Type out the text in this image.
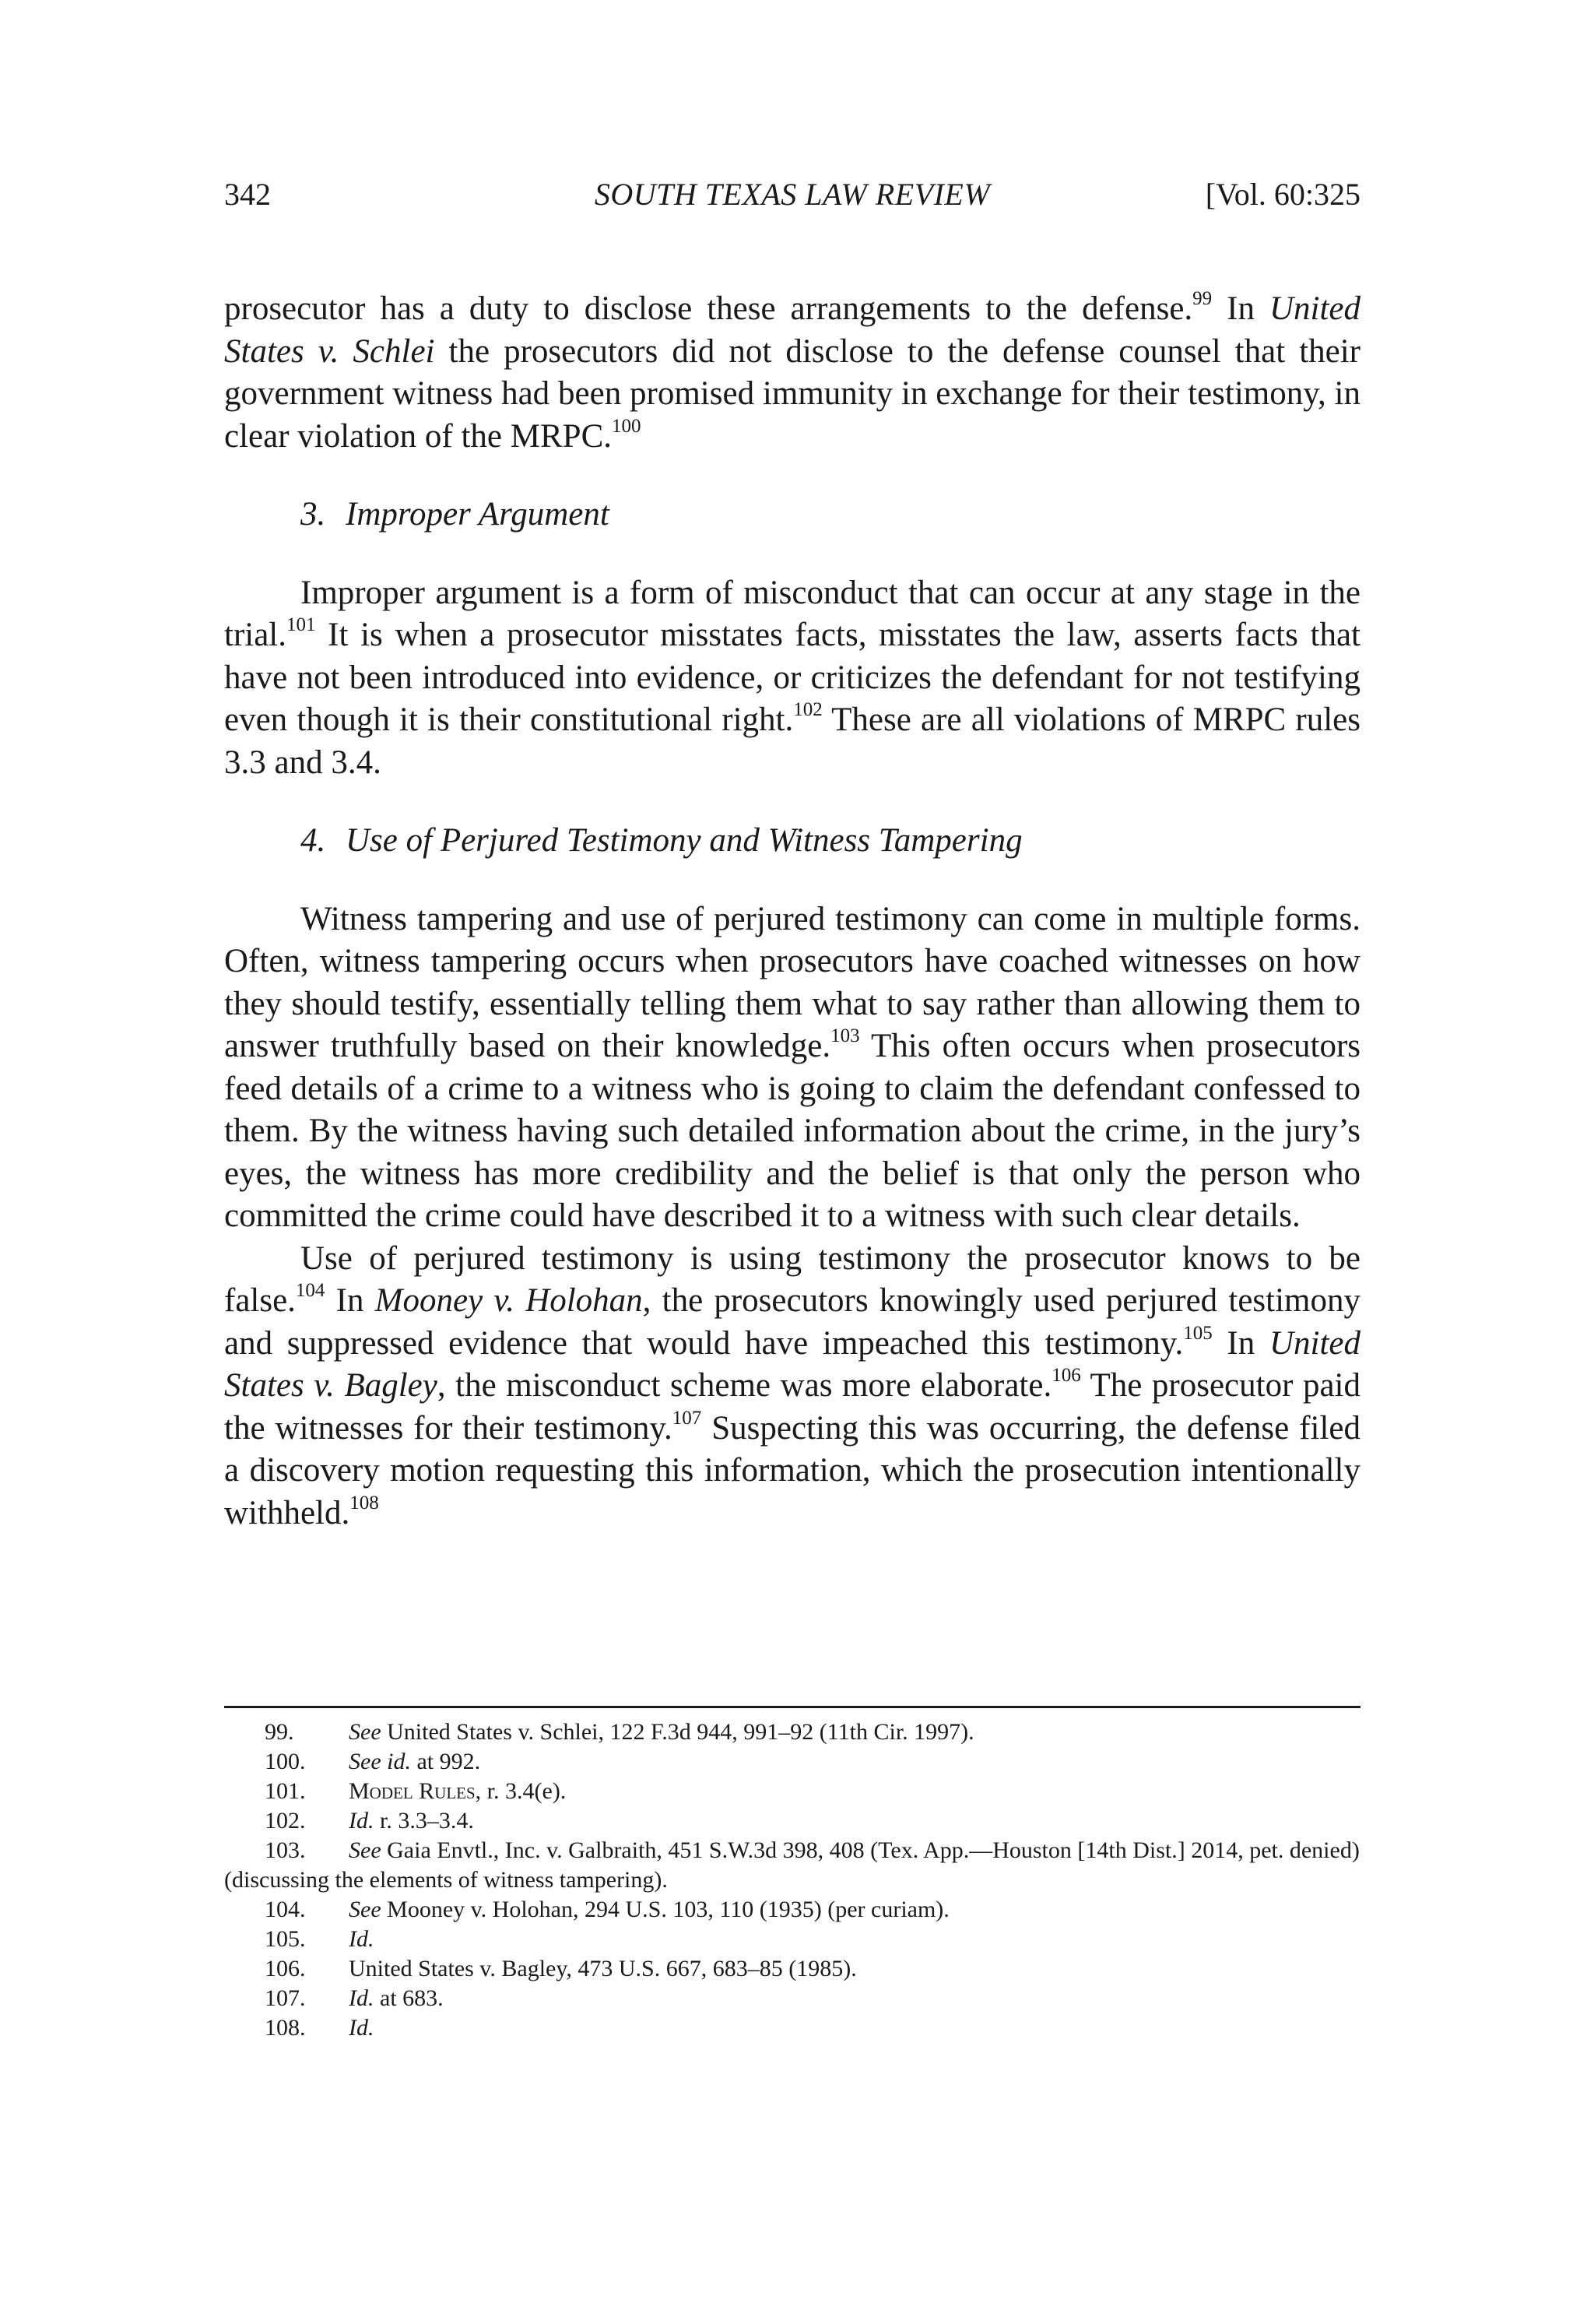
342	SOUTH TEXAS LAW REVIEW	[Vol. 60:325

prosecutor has a duty to disclose these arrangements to the defense.$^{99}$ In United States v. Schlei the prosecutors did not disclose to the defense counsel that their government witness had been promised immunity in exchange for their testimony, in clear violation of the MRPC.$^{100}$

3. Improper Argument

Improper argument is a form of misconduct that can occur at any stage in the trial.$^{101}$ It is when a prosecutor misstates facts, misstates the law, asserts facts that have not been introduced into evidence, or criticizes the defendant for not testifying even though it is their constitutional right.$^{102}$ These are all violations of MRPC rules 3.3 and 3.4.

4. Use of Perjured Testimony and Witness Tampering

Witness tampering and use of perjured testimony can come in multiple forms. Often, witness tampering occurs when prosecutors have coached witnesses on how they should testify, essentially telling them what to say rather than allowing them to answer truthfully based on their knowledge.$^{103}$ This often occurs when prosecutors feed details of a crime to a witness who is going to claim the defendant confessed to them. By the witness having such detailed information about the crime, in the jury’s eyes, the witness has more credibility and the belief is that only the person who committed the crime could have described it to a witness with such clear details.

Use of perjured testimony is using testimony the prosecutor knows to be false.$^{104}$ In Mooney v. Holohan, the prosecutors knowingly used perjured testimony and suppressed evidence that would have impeached this testimony.$^{105}$ In United States v. Bagley, the misconduct scheme was more elaborate.$^{106}$ The prosecutor paid the witnesses for their testimony.$^{107}$ Suspecting this was occurring, the defense filed a discovery motion requesting this information, which the prosecution intentionally withheld.$^{108}$

99. See United States v. Schlei, 122 F.3d 944, 991–92 (11th Cir. 1997).
100. See id. at 992.
101. Model Rules, r. 3.4(e).
102. Id. r. 3.3–3.4.
103. See Gaia Envtl., Inc. v. Galbraith, 451 S.W.3d 398, 408 (Tex. App.—Houston [14th Dist.] 2014, pet. denied) (discussing the elements of witness tampering).
104. See Mooney v. Holohan, 294 U.S. 103, 110 (1935) (per curiam).
105. Id.
106. United States v. Bagley, 473 U.S. 667, 683–85 (1985).
107. Id. at 683.
108. Id.
